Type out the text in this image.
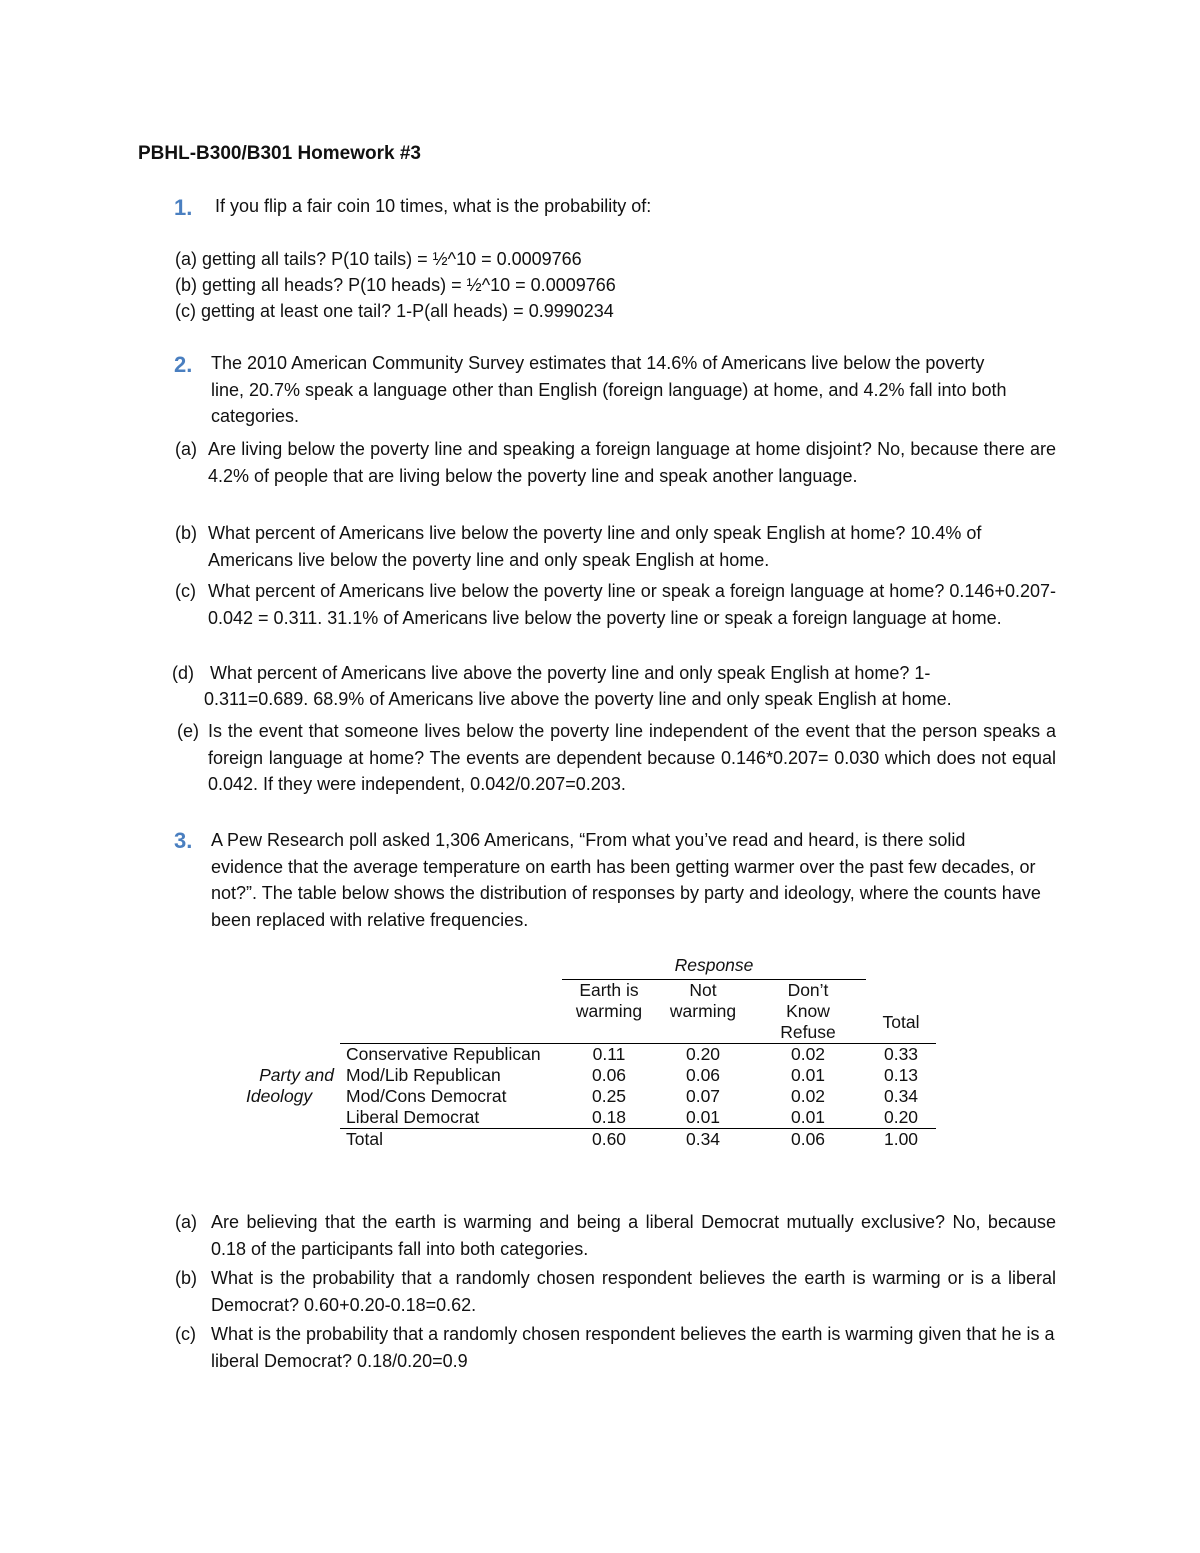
PBHL-B300/B301 Homework #3
1. If you flip a fair coin 10 times, what is the probability of:
(a) getting all tails? P(10 tails) = ½^10 = 0.0009766
(b) getting all heads? P(10 heads) = ½^10 = 0.0009766
(c) getting at least one tail? 1-P(all heads) = 0.9990234
2. The 2010 American Community Survey estimates that 14.6% of Americans live below the poverty line, 20.7% speak a language other than English (foreign language) at home, and 4.2% fall into both categories.
(a) Are living below the poverty line and speaking a foreign language at home disjoint? No, because there are 4.2% of people that are living below the poverty line and speak another language.
(b) What percent of Americans live below the poverty line and only speak English at home? 10.4% of Americans live below the poverty line and only speak English at home.
(c) What percent of Americans live below the poverty line or speak a foreign language at home? 0.146+0.207-0.042 = 0.311. 31.1% of Americans live below the poverty line or speak a foreign language at home.
(d) What percent of Americans live above the poverty line and only speak English at home? 1-
0.311=0.689. 68.9% of Americans live above the poverty line and only speak English at home.
(e) Is the event that someone lives below the poverty line independent of the event that the person speaks a foreign language at home? The events are dependent because 0.146*0.207= 0.030 which does not equal 0.042. If they were independent, 0.042/0.207=0.203.
3. A Pew Research poll asked 1,306 Americans, “From what you’ve read and heard, is there solid evidence that the average temperature on earth has been getting warmer over the past few decades, or not?”. The table below shows the distribution of responses by party and ideology, where the counts have been replaced with relative frequencies.
		Response			
		Earth is	Not	Don’t	
		warming	warming	Know	Total
				Refuse	
	Conservative Republican	0.11	0.20	0.02	0.33
Party and	Mod/Lib Republican	0.06	0.06	0.01	0.13
Ideology	Mod/Cons Democrat	0.25	0.07	0.02	0.34
	Liberal Democrat	0.18	0.01	0.01	0.20
	Total	0.60	0.34	0.06	1.00
(a) Are believing that the earth is warming and being a liberal Democrat mutually exclusive? No, because 0.18 of the participants fall into both categories.
(b) What is the probability that a randomly chosen respondent believes the earth is warming or is a liberal Democrat? 0.60+0.20-0.18=0.62.
(c) What is the probability that a randomly chosen respondent believes the earth is warming given that he is a liberal Democrat? 0.18/0.20=0.9
